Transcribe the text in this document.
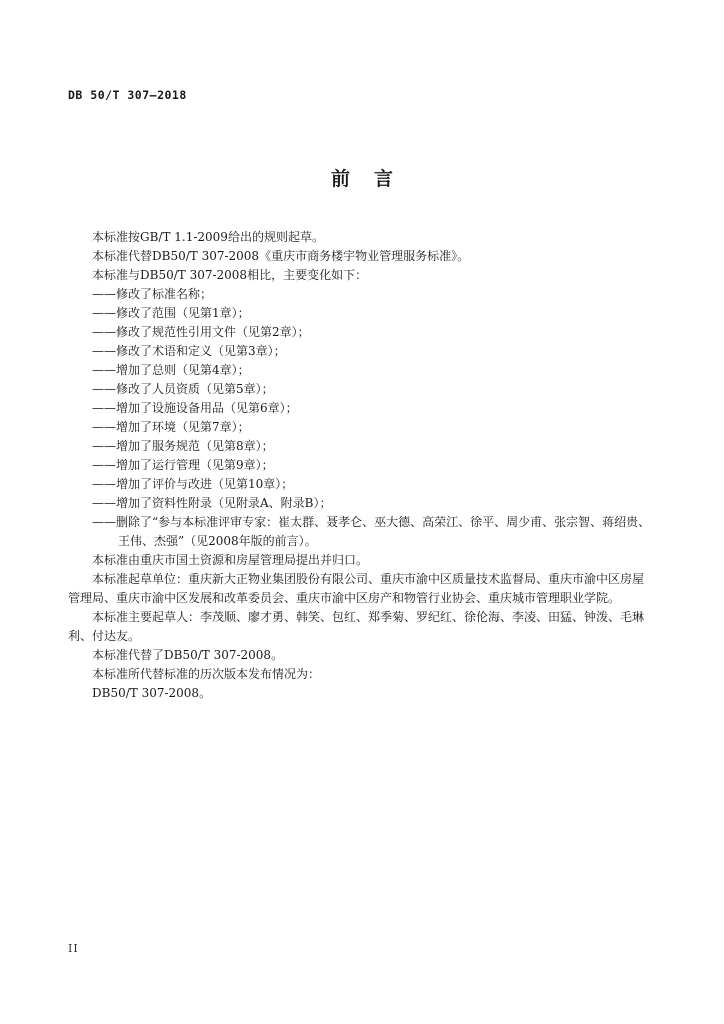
DB 50/T 307—2018
前言

本标准按GB/T 1.1-2009给出的规则起草。

本标准代替DB50/T 307-2008《重庆市商务楼宇物业管理服务标准》。

本标准与DB50/T 307-2008相比，主要变化如下：

——修改了标准名称；

——修改了范围（见第1章）；

——修改了规范性引用文件（见第2章）；

——修改了术语和定义（见第3章）；

——增加了总则（见第4章）；

——修改了人员资质（见第5章）；

——增加了设施设备用品（见第6章）；

——增加了环境（见第7章）；

——增加了服务规范（见第8章）；

——增加了运行管理（见第9章）；

——增加了评价与改进（见第10章）；

——增加了资料性附录（见附录A、附录B）；

——删除了“参与本标准评审专家：崔太群、聂孝仑、巫大德、高荣江、徐平、周少甫、张宗智、蒋绍贵、王伟、杰强”（见2008年版的前言）。

本标准由重庆市国土资源和房屋管理局提出并归口。

本标准起草单位：重庆新大正物业集团股份有限公司、重庆市渝中区质量技术监督局、重庆市渝中区房屋管理局、重庆市渝中区发展和改革委员会、重庆市渝中区房产和物管行业协会、重庆城市管理职业学院。

本标准主要起草人：李茂顺、廖才勇、韩笑、包红、郑季菊、罗纪红、徐伦海、李凌、田猛、钟泼、毛琳利、付达友。

本标准代替了DB50/T 307-2008。

本标准所代替标准的历次版本发布情况为：

DB50/T 307-2008。

II
